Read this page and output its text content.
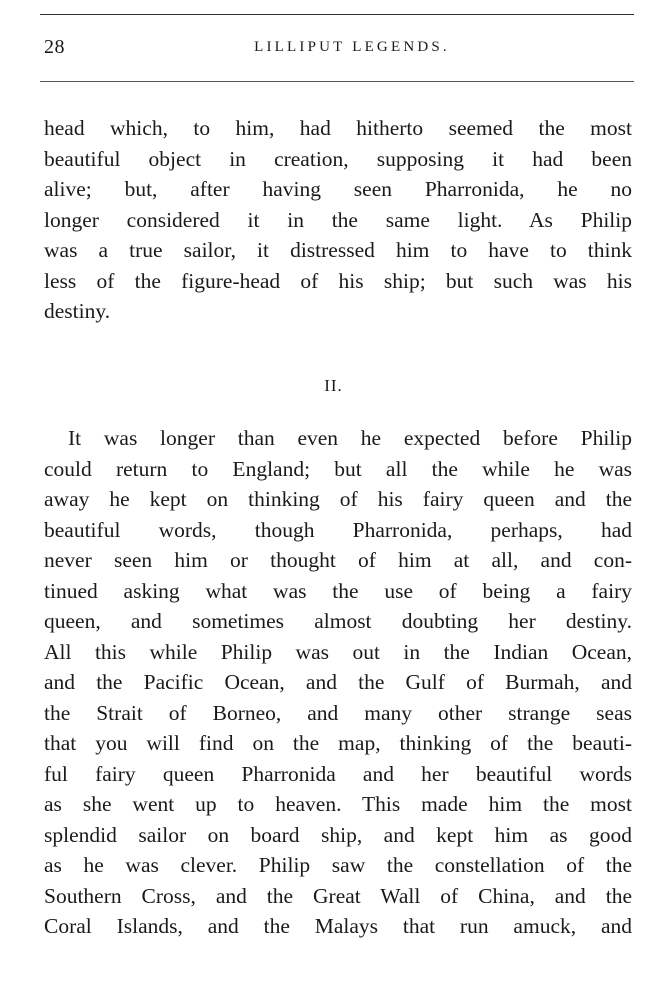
28	LILLIPUT LEGENDS.
head which, to him, had hitherto seemed the most
beautiful object in creation, supposing it had been
alive; but, after having seen Pharronida, he no
longer considered it in the same light. As Philip
was a true sailor, it distressed him to have to think
less of the figure-head of his ship; but such was his
destiny.
II.
It was longer than even he expected before Philip
could return to England; but all the while he was
away he kept on thinking of his fairy queen and the
beautiful words, though Pharronida, perhaps, had
never seen him or thought of him at all, and con-
tinued asking what was the use of being a fairy
queen, and sometimes almost doubting her destiny.
All this while Philip was out in the Indian Ocean,
and the Pacific Ocean, and the Gulf of Burmah, and
the Strait of Borneo, and many other strange seas
that you will find on the map, thinking of the beauti-
ful fairy queen Pharronida and her beautiful words
as she went up to heaven. This made him the most
splendid sailor on board ship, and kept him as good
as he was clever. Philip saw the constellation of the
Southern Cross, and the Great Wall of China, and the
Coral Islands, and the Malays that run amuck, and
